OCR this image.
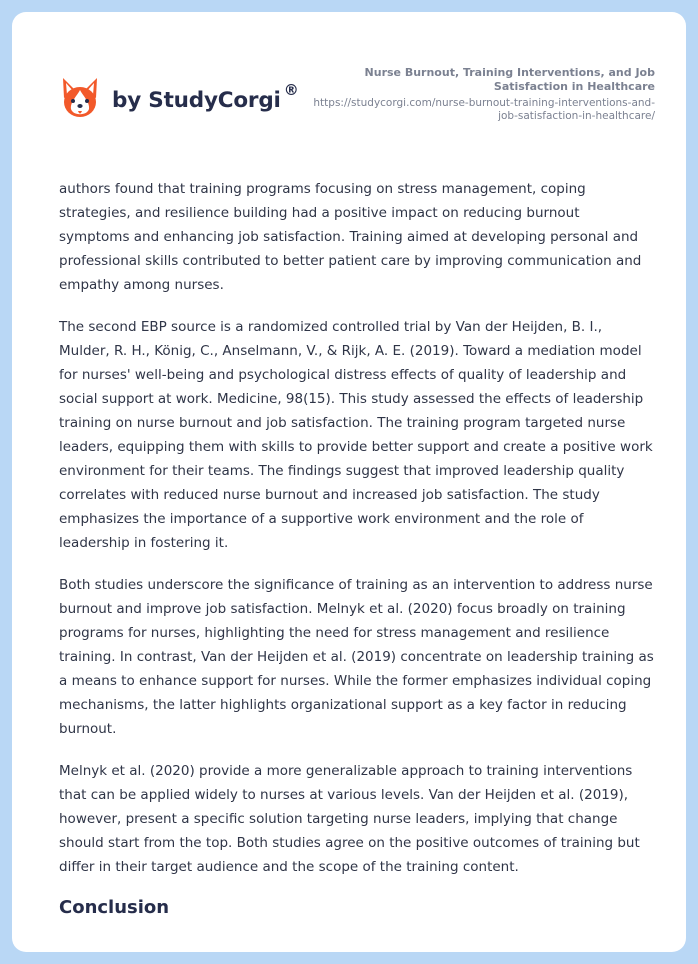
by StudyCorgi ®
Nurse Burnout, Training Interventions, and Job Satisfaction in Healthcare
https://studycorgi.com/nurse-burnout-training-interventions-and-job-satisfaction-in-healthcare/

authors found that training programs focusing on stress management, coping strategies, and resilience building had a positive impact on reducing burnout symptoms and enhancing job satisfaction. Training aimed at developing personal and professional skills contributed to better patient care by improving communication and empathy among nurses.

The second EBP source is a randomized controlled trial by Van der Heijden, B. I., Mulder, R. H., König, C., Anselmann, V., & Rijk, A. E. (2019). Toward a mediation model for nurses' well-being and psychological distress effects of quality of leadership and social support at work. Medicine, 98(15). This study assessed the effects of leadership training on nurse burnout and job satisfaction. The training program targeted nurse leaders, equipping them with skills to provide better support and create a positive work environment for their teams. The findings suggest that improved leadership quality correlates with reduced nurse burnout and increased job satisfaction. The study emphasizes the importance of a supportive work environment and the role of leadership in fostering it.

Both studies underscore the significance of training as an intervention to address nurse burnout and improve job satisfaction. Melnyk et al. (2020) focus broadly on training programs for nurses, highlighting the need for stress management and resilience training. In contrast, Van der Heijden et al. (2019) concentrate on leadership training as a means to enhance support for nurses. While the former emphasizes individual coping mechanisms, the latter highlights organizational support as a key factor in reducing burnout.

Melnyk et al. (2020) provide a more generalizable approach to training interventions that can be applied widely to nurses at various levels. Van der Heijden et al. (2019), however, present a specific solution targeting nurse leaders, implying that change should start from the top. Both studies agree on the positive outcomes of training but differ in their target audience and the scope of the training content.

Conclusion
